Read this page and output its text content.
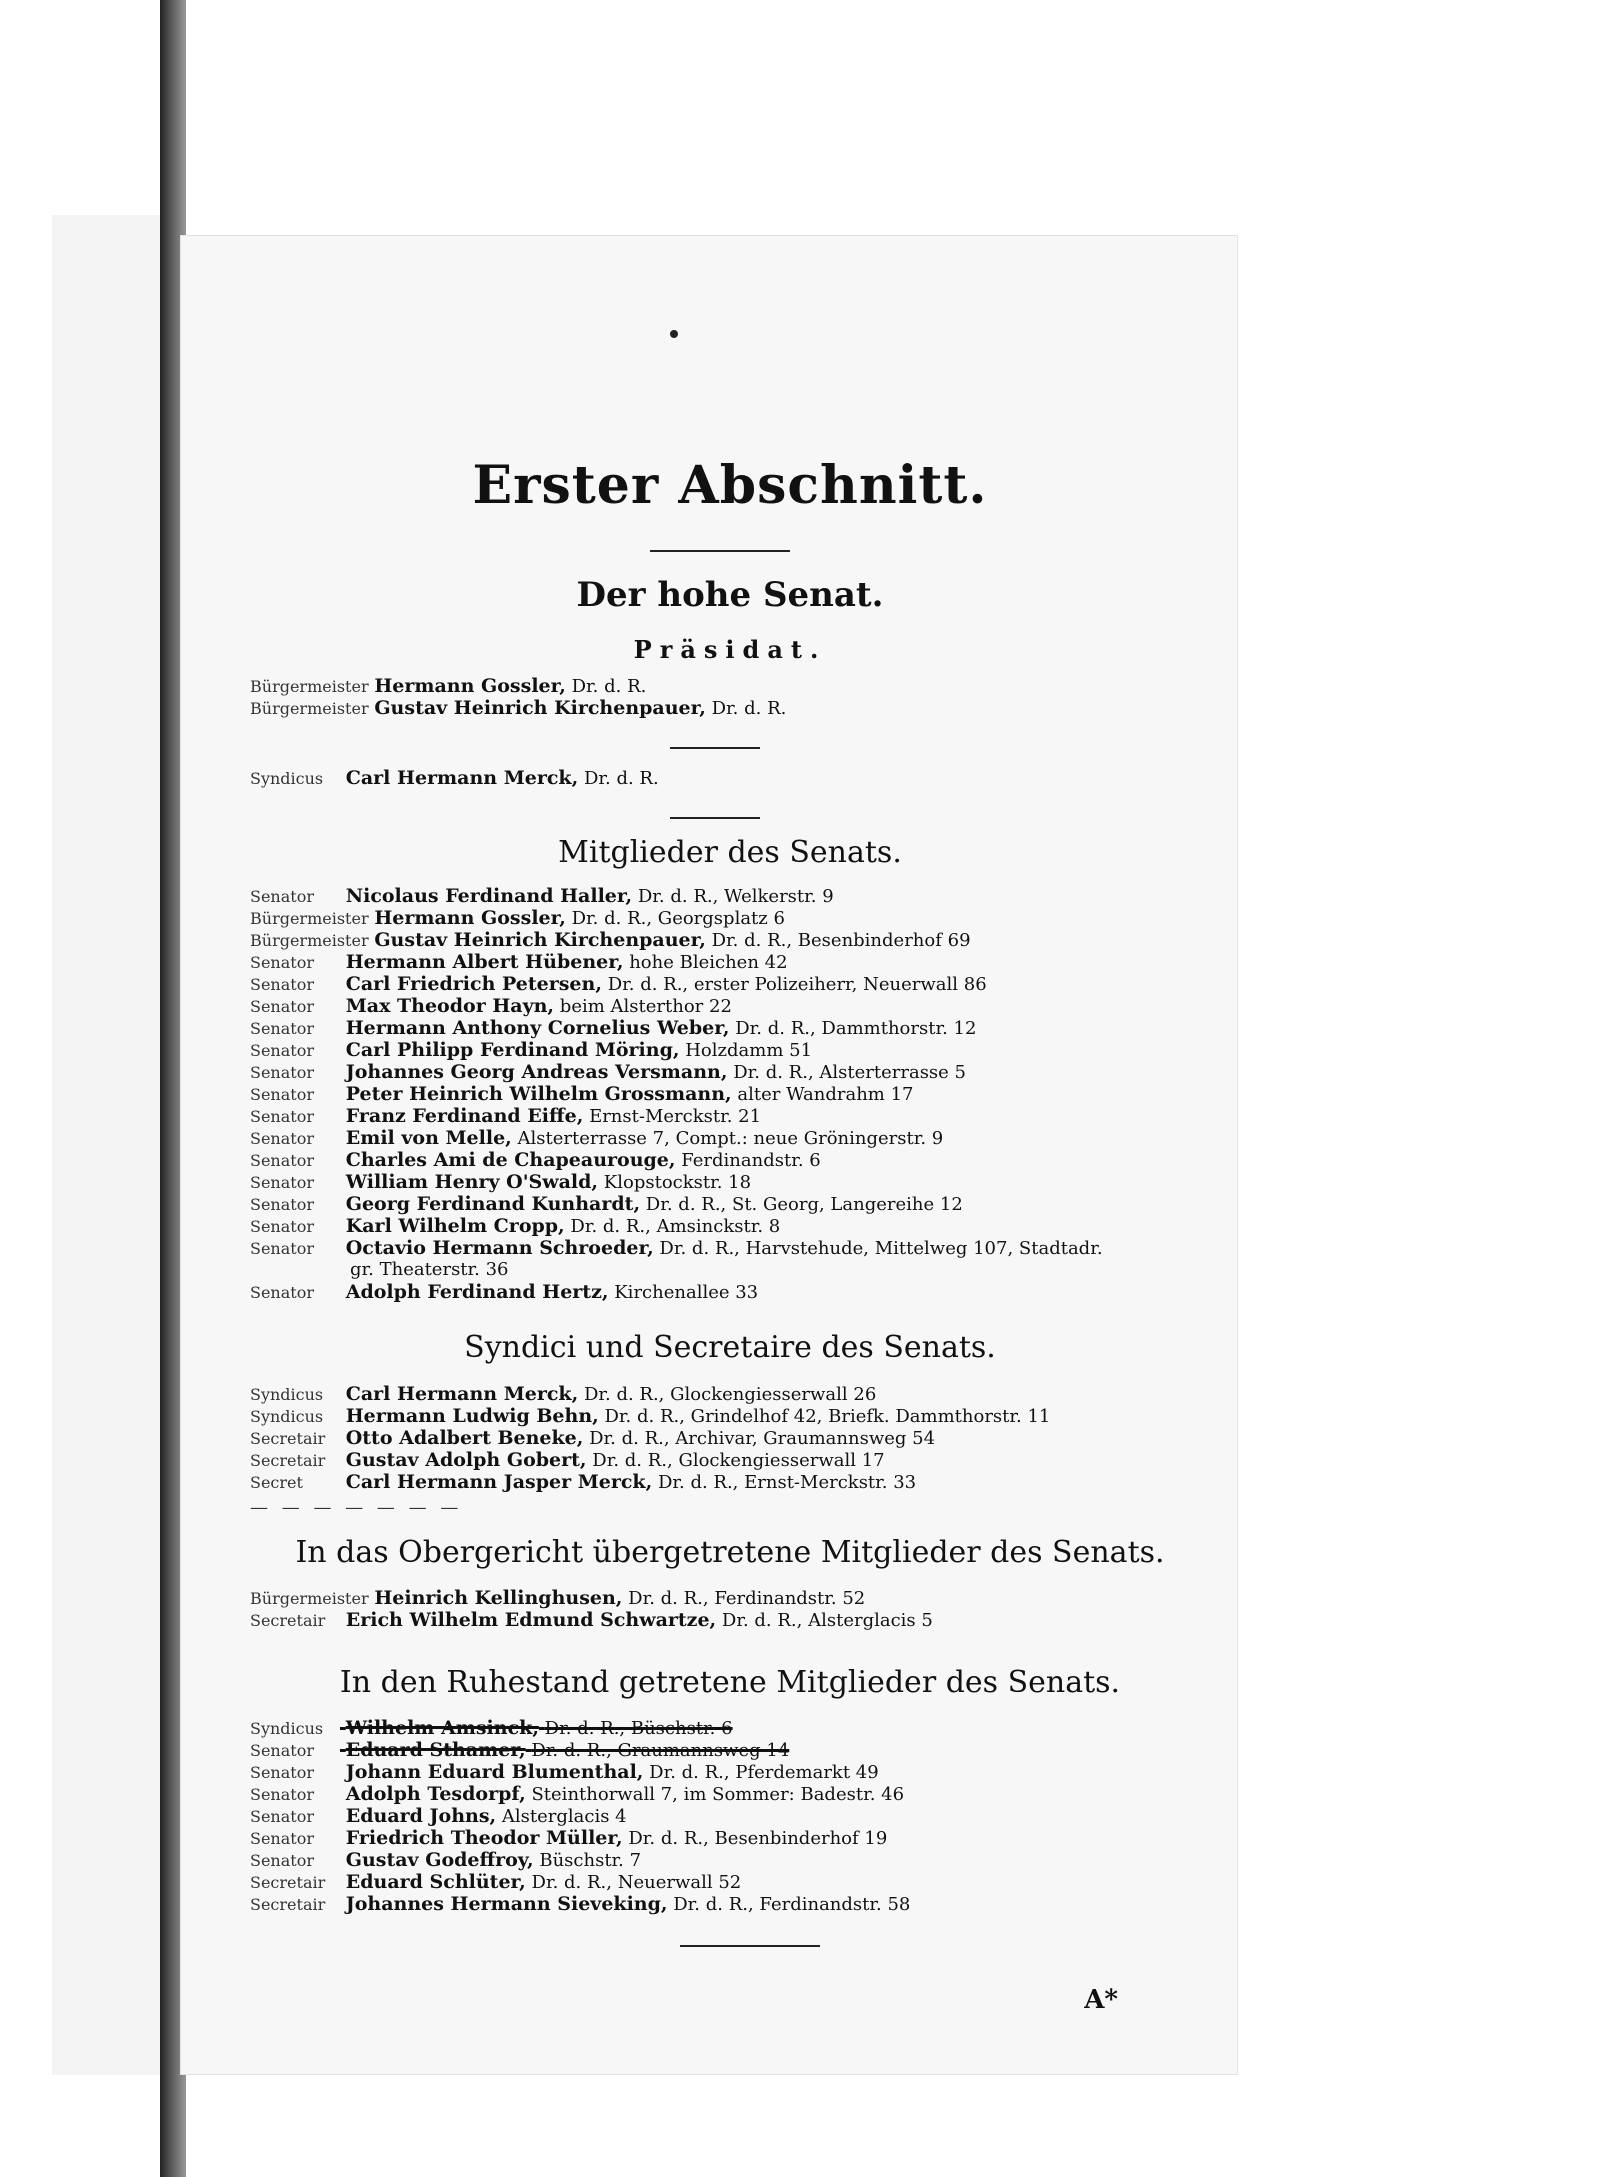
Erster Abschnitt.
Der hohe Senat.
Präsidat.
Bürgermeister Hermann Gossler, Dr. d. R.
Bürgermeister Gustav Heinrich Kirchenpauer, Dr. d. R.
Syndicus Carl Hermann Merck, Dr. d. R.
Mitglieder des Senats.
Senator Nicolaus Ferdinand Haller, Dr. d. R., Welkerstr. 9
Bürgermeister Hermann Gossler, Dr. d. R., Georgsplatz 6
Bürgermeister Gustav Heinrich Kirchenpauer, Dr. d. R., Besenbinderhof 69
Senator Hermann Albert Hübener, hohe Bleichen 42
Senator Carl Friedrich Petersen, Dr. d. R., erster Polizeiherr, Neuerwall 86
Senator Max Theodor Hayn, beim Alsterthor 22
Senator Hermann Anthony Cornelius Weber, Dr. d. R., Dammthorstr. 12
Senator Carl Philipp Ferdinand Möring, Holzdamm 51
Senator Johannes Georg Andreas Versmann, Dr. d. R., Alsterterrasse 5
Senator Peter Heinrich Wilhelm Grossmann, alter Wandrahm 17
Senator Franz Ferdinand Eiffe, Ernst-Merckstr. 21
Senator Emil von Melle, Alsterterrasse 7, Compt.: neue Gröningerstr. 9
Senator Charles Ami de Chapeaurouge, Ferdinandstr. 6
Senator William Henry O'Swald, Klopstockstr. 18
Senator Georg Ferdinand Kunhardt, Dr. d. R., St. Georg, Langereihe 12
Senator Karl Wilhelm Cropp, Dr. d. R., Amsinckstr. 8
Senator Octavio Hermann Schroeder, Dr. d. R., Harvstehude, Mittelweg 107, Stadtadr.
gr. Theaterstr. 36
Senator Adolph Ferdinand Hertz, Kirchenallee 33
Syndici und Secretaire des Senats.
Syndicus Carl Hermann Merck, Dr. d. R., Glockengiesserwall 26
Syndicus Hermann Ludwig Behn, Dr. d. R., Grindelhof 42, Briefk. Dammthorstr. 11
Secretair Otto Adalbert Beneke, Dr. d. R., Archivar, Graumannsweg 54
Secretair Gustav Adolph Gobert, Dr. d. R., Glockengiesserwall 17
Secret Carl Hermann Jasper Merck, Dr. d. R., Ernst-Merckstr. 33
— — — — — — —
In das Obergericht übergetretene Mitglieder des Senats.
Bürgermeister Heinrich Kellinghusen, Dr. d. R., Ferdinandstr. 52
Secretair Erich Wilhelm Edmund Schwartze, Dr. d. R., Alsterglacis 5
In den Ruhestand getretene Mitglieder des Senats.
Syndicus Wilhelm Amsinck, Dr. d. R., Büschstr. 6
Senator Eduard Sthamer, Dr. d. R., Graumannsweg 14
Senator Johann Eduard Blumenthal, Dr. d. R., Pferdemarkt 49
Senator Adolph Tesdorpf, Steinthorwall 7, im Sommer: Badestr. 46
Senator Eduard Johns, Alsterglacis 4
Senator Friedrich Theodor Müller, Dr. d. R., Besenbinderhof 19
Senator Gustav Godeffroy, Büschstr. 7
Secretair Eduard Schlüter, Dr. d. R., Neuerwall 52
Secretair Johannes Hermann Sieveking, Dr. d. R., Ferdinandstr. 58
A*
